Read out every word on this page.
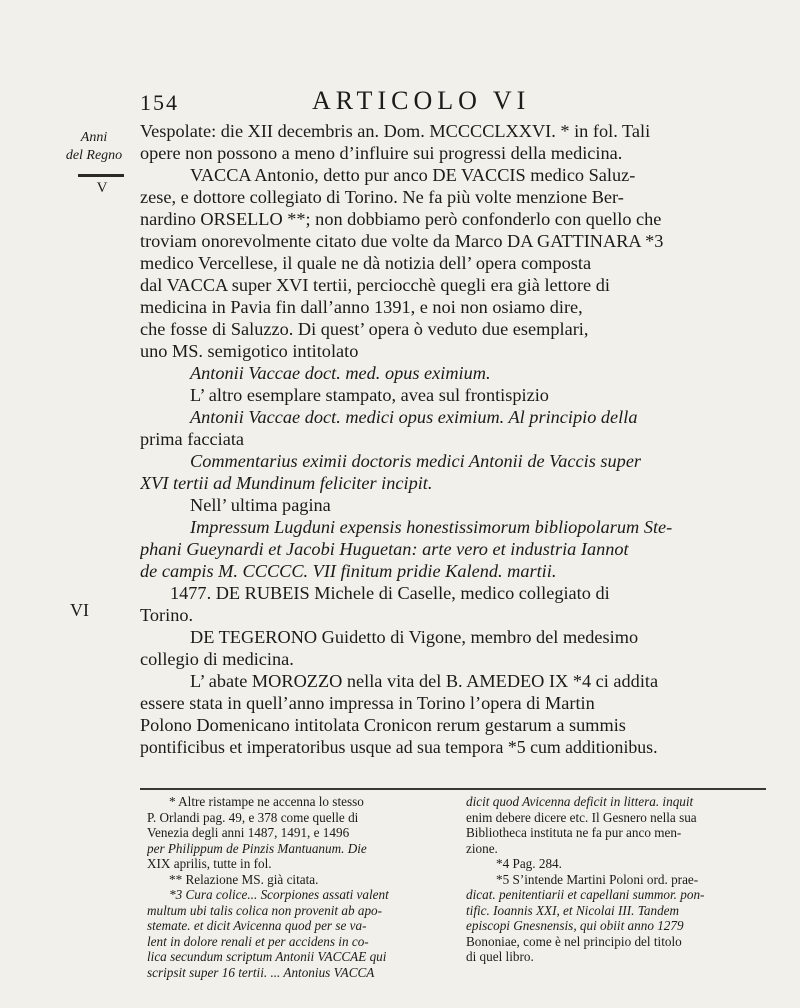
154	ARTICOLO VI
Anni
del Regno
V
VI
Vespolate: die XII decembris an. Dom. MCCCCLXXVI. * in fol. Tali
opere non possono a meno d’influire sui progressi della medicina.
VACCA Antonio, detto pur anco DE VACCIS medico Saluz-
zese, e dottore collegiato di Torino. Ne fa più volte menzione Ber-
nardino ORSELLO **; non dobbiamo però confonderlo con quello che
troviam onorevolmente citato due volte da Marco DA GATTINARA *3
medico Vercellese, il quale ne dà notizia dell’ opera composta
dal VACCA super XVI tertii, perciocchè quegli era già lettore di
medicina in Pavia fin dall’anno 1391, e noi non osiamo dire,
che fosse di Saluzzo. Di quest’ opera ò veduto due esemplari,
uno MS. semigotico intitolato
Antonii Vaccae doct. med. opus eximium.
L’ altro esemplare stampato, avea sul frontispizio
Antonii Vaccae doct. medici opus eximium. Al principio della
prima facciata
Commentarius eximii doctoris medici Antonii de Vaccis super
XVI tertii ad Mundinum feliciter incipit.
Nell’ ultima pagina
Impressum Lugduni expensis honestissimorum bibliopolarum Ste-
phani Gueynardi et Jacobi Huguetan: arte vero et industria Iannot
de campis M. CCCCC. VII finitum pridie Kalend. martii.
1477. DE RUBEIS Michele di Caselle, medico collegiato di
Torino.
DE TEGERONO Guidetto di Vigone, membro del medesimo
collegio di medicina.
L’ abate MOROZZO nella vita del B. AMEDEO IX *4 ci addita
essere stata in quell’anno impressa in Torino l’opera di Martin
Polono Domenicano intitolata Cronicon rerum gestarum a summis
pontificibus et imperatoribus usque ad sua tempora *5 cum additionibus.
* Altre ristampe ne accenna lo stesso
P. Orlandi pag. 49, e 378 come quelle di
Venezia degli anni 1487, 1491, e 1496
per Philippum de Pinzis Mantuanum. Die
XIX aprilis, tutte in fol.
** Relazione MS. già citata.
*3 Cura colice... Scorpiones assati valent
multum ubi talis colica non provenit ab apo-
stemate. et dicit Avicenna quod per se va-
lent in dolore renali et per accidens in co-
lica secundum scriptum Antonii VACCAE qui
scripsit super 16 tertii. ... Antonius VACCA
dicit quod Avicenna deficit in littera. inquit
enim debere dicere etc. Il Gesnero nella sua
Bibliotheca instituta ne fa pur anco men-
zione.
*4 Pag. 284.
*5 S’intende Martini Poloni ord. prae-
dicat. penitentiarii et capellani summor. pon-
tific. Ioannis XXI, et Nicolai III. Tandem
episcopi Gnesnensis, qui obiit anno 1279
Bononiae, come è nel principio del titolo
di quel libro.
